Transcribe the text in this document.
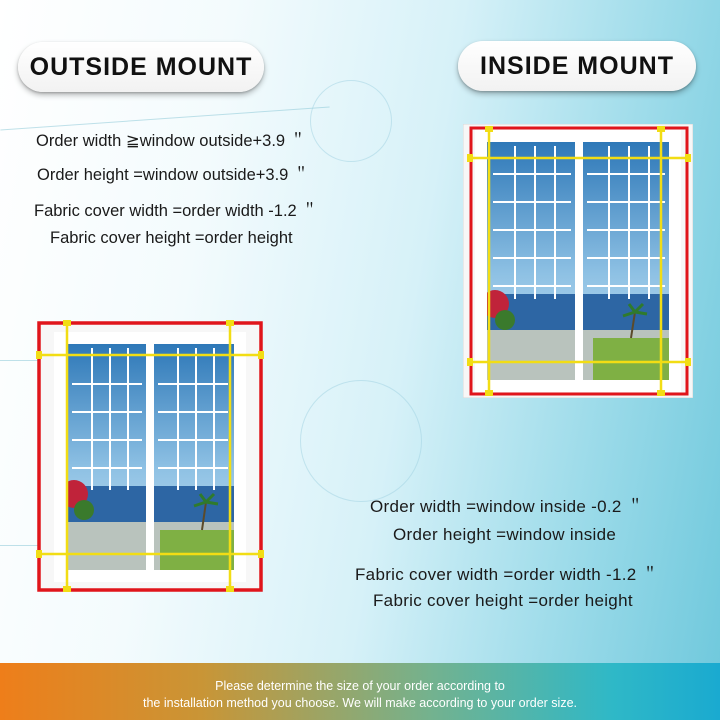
OUTSIDE MOUNT	INSIDE MOUNT
Order width ≧window outside+3.9 ＂
Order height =window outside+3.9 ＂
Fabric cover width =order width -1.2 ＂
Fabric cover height =order height
Order width =window inside -0.2 ＂
Order height =window inside
Fabric cover width =order width -1.2 ＂
Fabric cover height =order height
Please determine the size of your order according to
the installation method you choose. We will make according to your order size.
